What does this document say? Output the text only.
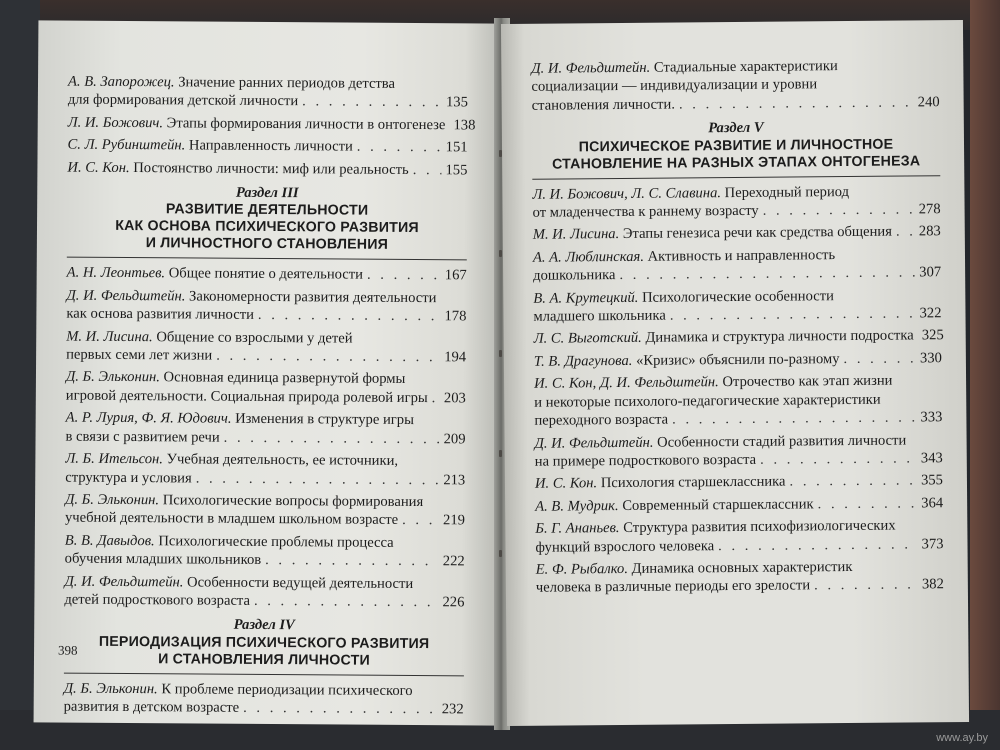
А. В. Запорожец. Значение ранних периодов детства
для формирования детской личности . . .	135
Л. И. Божович. Этапы формирования личности в онтогенезе . . . 138
С. Л. Рубинштейн. Направленность личности . . .	151
И. С. Кон. Постоянство личности: миф или реальность . . .	155
Раздел III
РАЗВИТИЕ ДЕЯТЕЛЬНОСТИ
КАК ОСНОВА ПСИХИЧЕСКОГО РАЗВИТИЯ
И ЛИЧНОСТНОГО СТАНОВЛЕНИЯ
А. Н. Леонтьев. Общее понятие о деятельности . . .	167
Д. И. Фельдштейн. Закономерности развития деятельности
как основа развития личности . . .	178
М. И. Лисина. Общение со взрослыми у детей
первых семи лет жизни . . .	194
Д. Б. Эльконин. Основная единица развернутой формы
игровой деятельности. Социальная природа ролевой игры . . . 203
А. Р. Лурия, Ф. Я. Юдович. Изменения в структуре игры
в связи с развитием речи . . .	209
Л. Б. Ительсон. Учебная деятельность, ее источники,
структура и условия . . .	213
Д. Б. Эльконин. Психологические вопросы формирования
учебной деятельности в младшем школьном возрасте . . .	219
В. В. Давыдов. Психологические проблемы процесса
обучения младших школьников . . .	222
Д. И. Фельдштейн. Особенности ведущей деятельности
детей подросткового возраста . . .	226
Раздел IV
ПЕРИОДИЗАЦИЯ ПСИХИЧЕСКОГО РАЗВИТИЯ
И СТАНОВЛЕНИЯ ЛИЧНОСТИ
Д. Б. Эльконин. К проблеме периодизации психического
развития в детском возрасте . . .	232
398
Д. И. Фельдштейн. Стадиальные характеристики
социализации — индивидуализации и уровни
становления личности. . . .	240
Раздел V
ПСИХИЧЕСКОЕ РАЗВИТИЕ И ЛИЧНОСТНОЕ
СТАНОВЛЕНИЕ НА РАЗНЫХ ЭТАПАХ ОНТОГЕНЕЗА
Л. И. Божович, Л. С. Славина. Переходный период
от младенчества к раннему возрасту . . .	278
М. И. Лисина. Этапы генезиса речи как средства общения . . . 283
А. А. Люблинская. Активность и направленность
дошкольника . . .	307
В. А. Крутецкий. Психологические особенности
младшего школьника . . .	322
Л. С. Выготский. Динамика и структура личности подростка . . . 325
Т. В. Драгунова. «Кризис» объяснили по-разному . . .	330
И. С. Кон, Д. И. Фельдштейн. Отрочество как этап жизни
и некоторые психолого-педагогические характеристики
переходного возраста . . .	333
Д. И. Фельдштейн. Особенности стадий развития личности
на примере подросткового возраста . . .	343
И. С. Кон. Психология старшеклассника . . .	355
А. В. Мудрик. Современный старшеклассник . . .	364
Б. Г. Ананьев. Структура развития психофизиологических
функций взрослого человека . . .	373
Е. Ф. Рыбалко. Динамика основных характеристик
человека в различные периоды его зрелости . . .	382
www.ay.by
